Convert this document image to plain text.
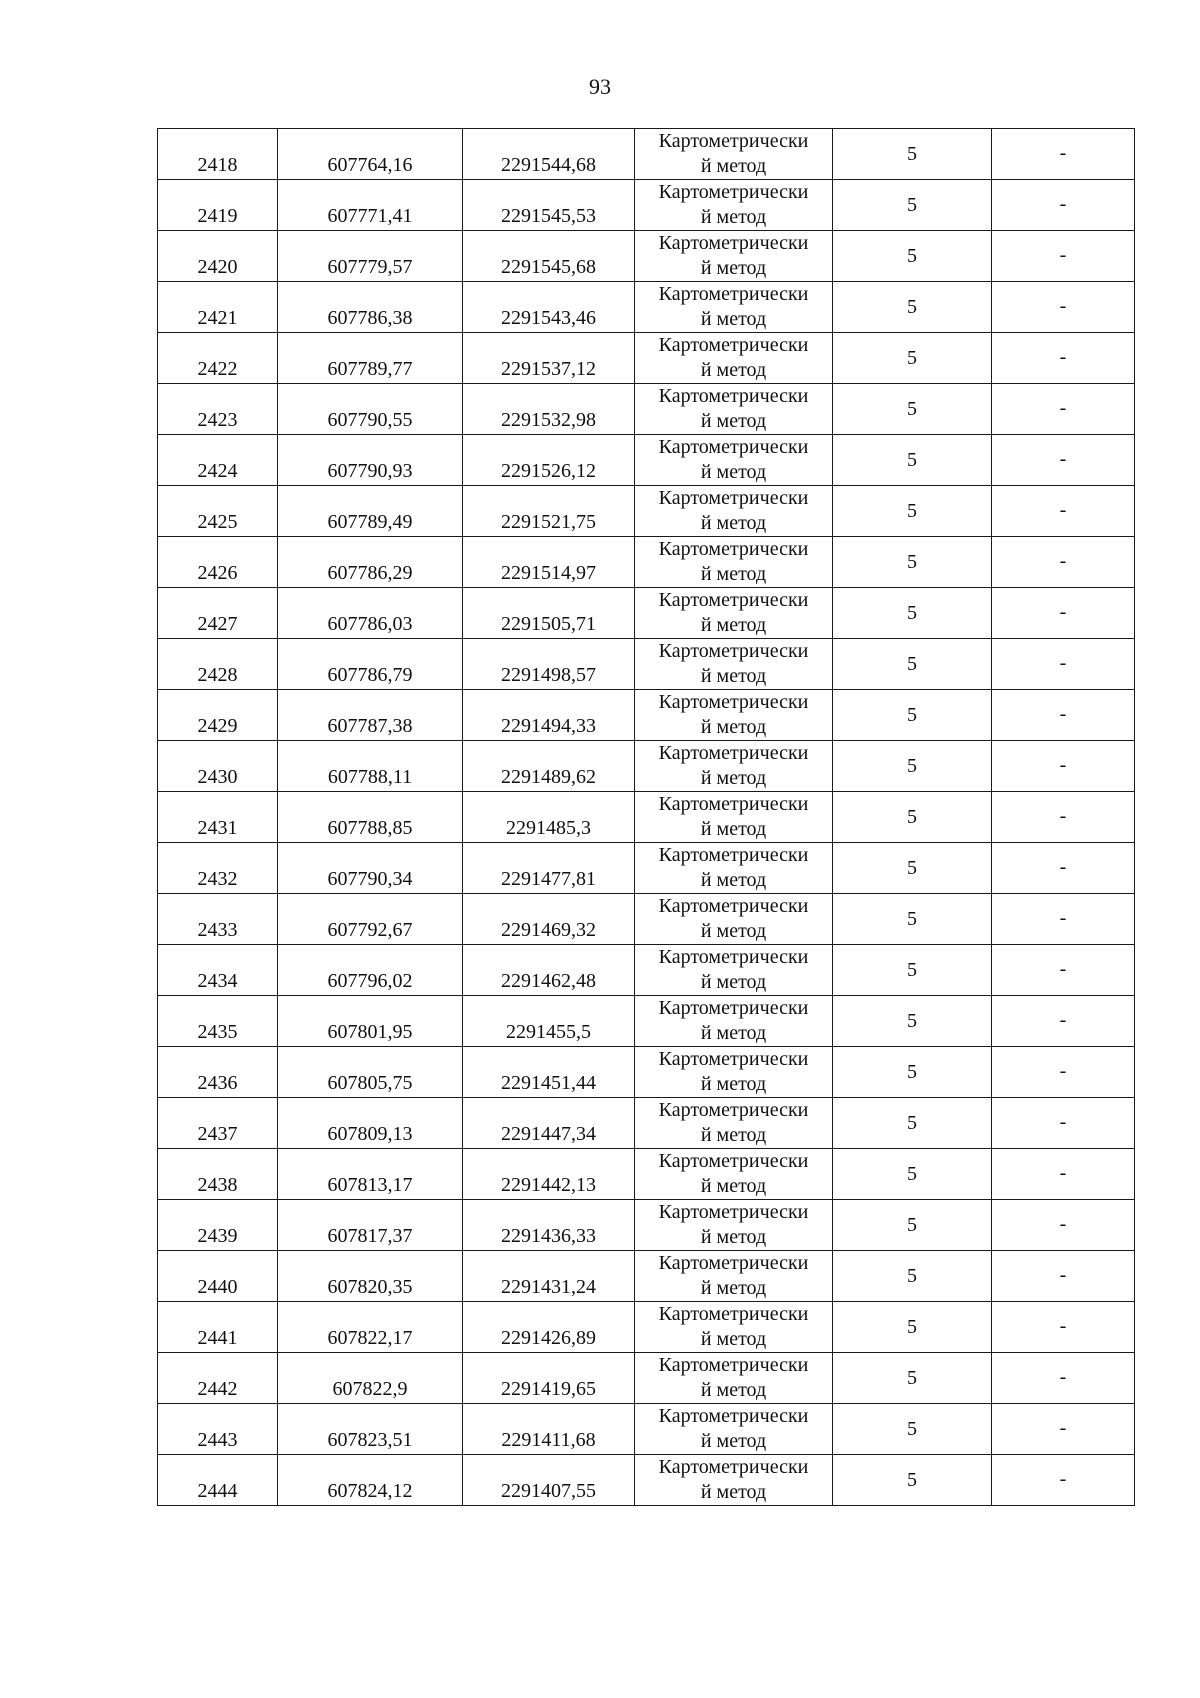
93
2418	607764,16	2291544,68	Картометрически
й метод	5	-

2419	607771,41	2291545,53	Картометрически
й метод	5	-

2420	607779,57	2291545,68	Картометрически
й метод	5	-

2421	607786,38	2291543,46	Картометрически
й метод	5	-

2422	607789,77	2291537,12	Картометрически
й метод	5	-

2423	607790,55	2291532,98	Картометрически
й метод	5	-

2424	607790,93	2291526,12	Картометрически
й метод	5	-

2425	607789,49	2291521,75	Картометрически
й метод	5	-

2426	607786,29	2291514,97	Картометрически
й метод	5	-

2427	607786,03	2291505,71	Картометрически
й метод	5	-

2428	607786,79	2291498,57	Картометрически
й метод	5	-

2429	607787,38	2291494,33	Картометрически
й метод	5	-

2430	607788,11	2291489,62	Картометрически
й метод	5	-

2431	607788,85	2291485,3	Картометрически
й метод	5	-

2432	607790,34	2291477,81	Картометрически
й метод	5	-

2433	607792,67	2291469,32	Картометрически
й метод	5	-

2434	607796,02	2291462,48	Картометрически
й метод	5	-

2435	607801,95	2291455,5	Картометрически
й метод	5	-

2436	607805,75	2291451,44	Картометрически
й метод	5	-

2437	607809,13	2291447,34	Картометрически
й метод	5	-

2438	607813,17	2291442,13	Картометрически
й метод	5	-

2439	607817,37	2291436,33	Картометрически
й метод	5	-

2440	607820,35	2291431,24	Картометрически
й метод	5	-

2441	607822,17	2291426,89	Картометрически
й метод	5	-

2442	607822,9	2291419,65	Картометрически
й метод	5	-

2443	607823,51	2291411,68	Картометрически
й метод	5	-

2444	607824,12	2291407,55	Картометрически
й метод	5	-
